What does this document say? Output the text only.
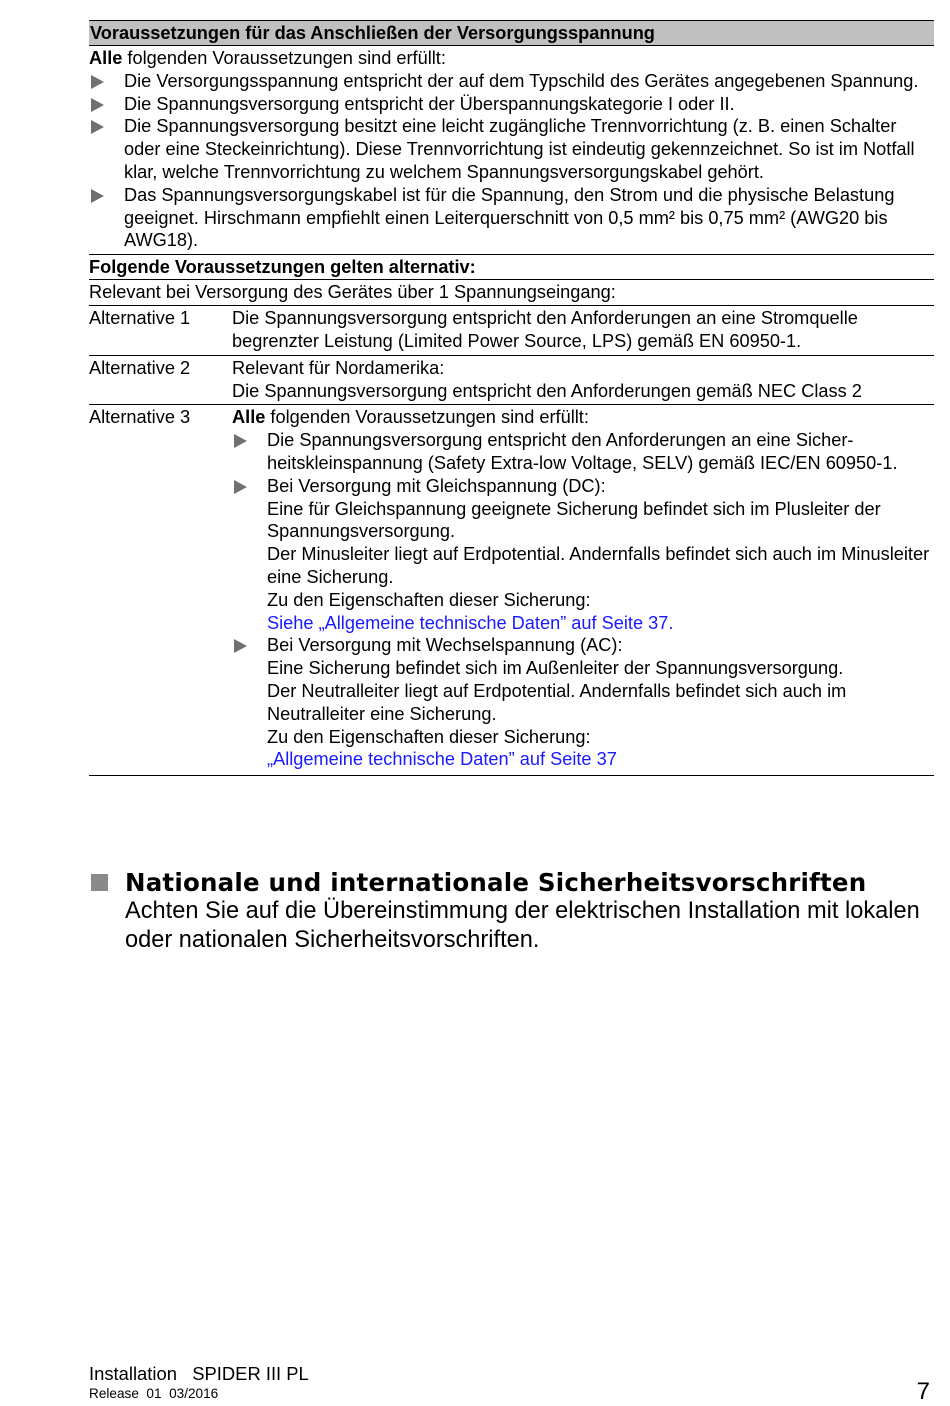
Voraussetzungen für das Anschließen der Versorgungsspannung
Alle folgenden Voraussetzungen sind erfüllt:
Die Versorgungsspannung entspricht der auf dem Typschild des Gerätes angegebenen Spannung.
Die Spannungsversorgung entspricht der Überspannungskategorie I oder II.
Die Spannungsversorgung besitzt eine leicht zugängliche Trennvorrichtung (z. B. einen Schalter oder eine Steckeinrichtung). Diese Trennvorrichtung ist eindeutig gekennzeichnet. So ist im Notfall klar, welche Trennvorrichtung zu welchem Spannungsversorgungskabel gehört.
Das Spannungsversorgungskabel ist für die Spannung, den Strom und die physische Belastung geeignet. Hirschmann empfiehlt einen Leiterquerschnitt von 0,5 mm² bis 0,75 mm² (AWG20 bis AWG18).
Folgende Voraussetzungen gelten alternativ:
Relevant bei Versorgung des Gerätes über 1 Spannungseingang:
Alternative 1	Die Spannungsversorgung entspricht den Anforderungen an eine Stromquelle begrenzter Leistung (Limited Power Source, LPS) gemäß EN 60950-1.
Alternative 2	Relevant für Nordamerika:
Die Spannungsversorgung entspricht den Anforderungen gemäß NEC Class 2
Alternative 3	Alle folgenden Voraussetzungen sind erfüllt:
Die Spannungsversorgung entspricht den Anforderungen an eine Sicher-heitskleinspannung (Safety Extra-low Voltage, SELV) gemäß IEC/EN 60950-1.
Bei Versorgung mit Gleichspannung (DC):
Eine für Gleichspannung geeignete Sicherung befindet sich im Plusleiter der Spannungsversorgung.
Der Minusleiter liegt auf Erdpotential. Andernfalls befindet sich auch im Minusleiter eine Sicherung.
Zu den Eigenschaften dieser Sicherung:
Siehe „Allgemeine technische Daten” auf Seite 37.
Bei Versorgung mit Wechselspannung (AC):
Eine Sicherung befindet sich im Außenleiter der Spannungsversorgung.
Der Neutralleiter liegt auf Erdpotential. Andernfalls befindet sich auch im Neutralleiter eine Sicherung.
Zu den Eigenschaften dieser Sicherung:
„Allgemeine technische Daten” auf Seite 37
Nationale und internationale Sicherheitsvorschriften
Achten Sie auf die Übereinstimmung der elektrischen Installation mit lokalen oder nationalen Sicherheitsvorschriften.
Installation   SPIDER III PL
Release  01  03/2016	7
